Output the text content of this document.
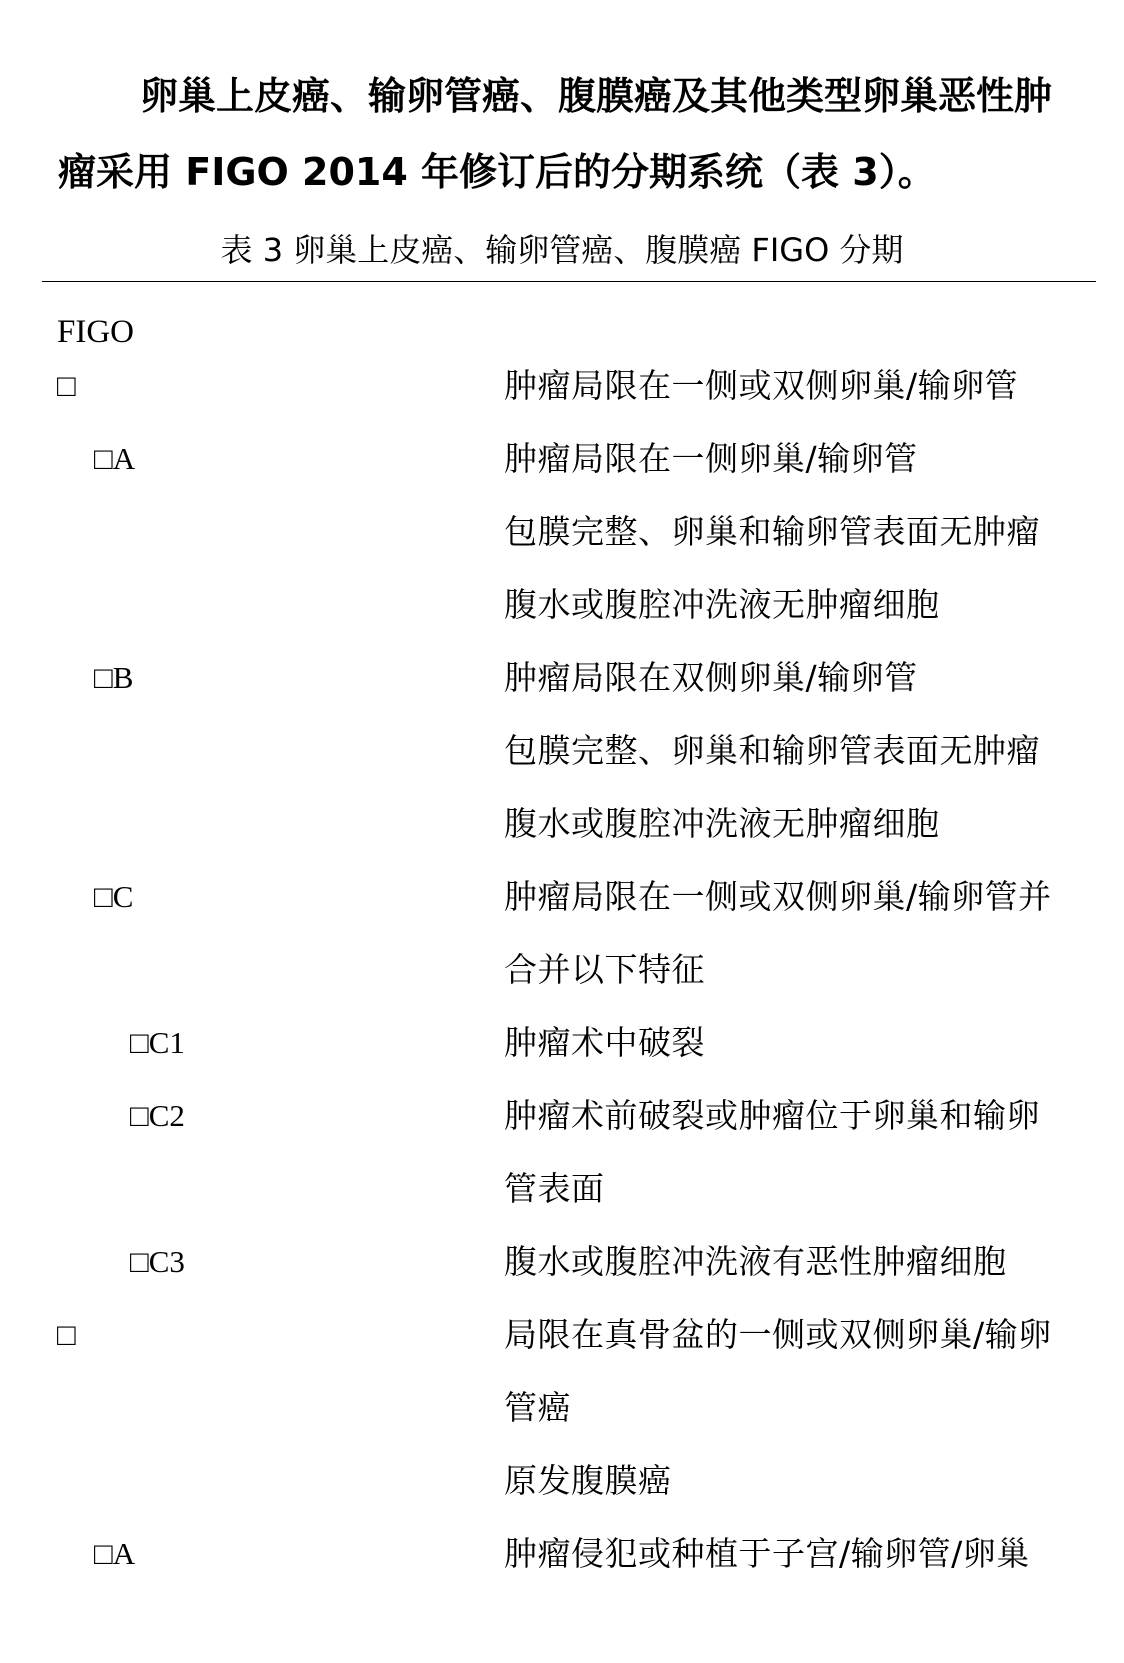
卵巢上皮癌、输卵管癌、腹膜癌及其他类型卵巢恶性肿
瘤采用 FIGO 2014 年修订后的分期系统（表 3）。
表 3 卵巢上皮癌、输卵管癌、腹膜癌 FIGO 分期
FIGO
□	肿瘤局限在一侧或双侧卵巢/输卵管
□A	肿瘤局限在一侧卵巢/输卵管
包膜完整、卵巢和输卵管表面无肿瘤
腹水或腹腔冲洗液无肿瘤细胞
□B	肿瘤局限在双侧卵巢/输卵管
包膜完整、卵巢和输卵管表面无肿瘤
腹水或腹腔冲洗液无肿瘤细胞
□C	肿瘤局限在一侧或双侧卵巢/输卵管并
合并以下特征
□C1	肿瘤术中破裂
□C2	肿瘤术前破裂或肿瘤位于卵巢和输卵
管表面
□C3	腹水或腹腔冲洗液有恶性肿瘤细胞
□	局限在真骨盆的一侧或双侧卵巢/输卵
管癌
原发腹膜癌
□A	肿瘤侵犯或种植于子宫/输卵管/卵巢
